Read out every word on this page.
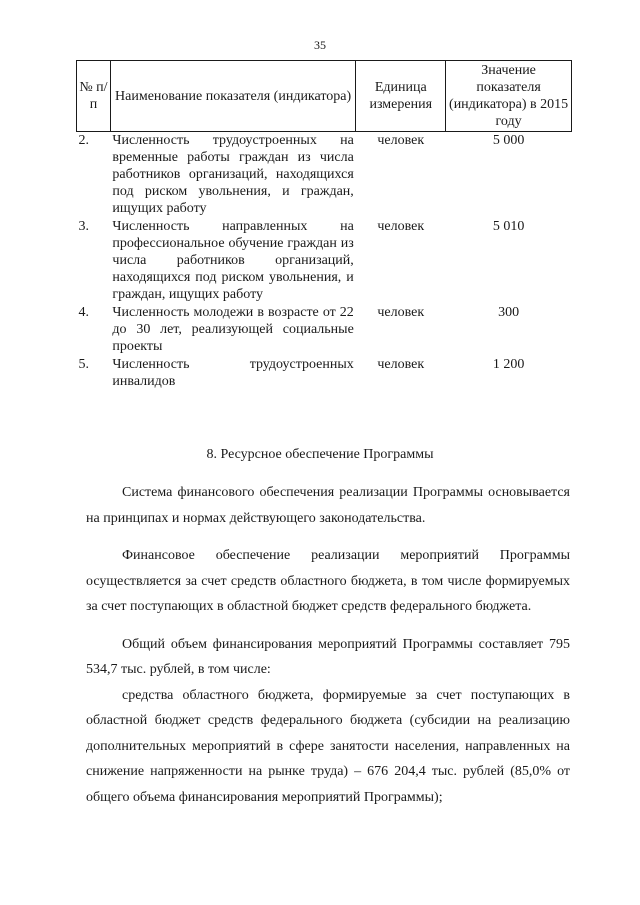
35
№ п/п	Наименование показателя (индикатора)	Единица измерения	Значение показателя (индикатора) в 2015 году
2.	Численность трудоустроенных на временные работы граждан из числа работников организаций, находящихся под риском увольнения, и граждан, ищущих работу	человек	5 000
3.	Численность направленных на профессиональное обучение граждан из числа работников организаций, находящихся под риском увольнения, и граждан, ищущих работу	человек	5 010
4.	Численность молодежи в возрасте от 22 до 30 лет, реализующей социальные проекты	человек	300
5.	Численность трудоустроенных инвалидов	человек	1 200
8. Ресурсное обеспечение Программы

Система финансового обеспечения реализации Программы основывается на принципах и нормах действующего законодательства.

Финансовое обеспечение реализации мероприятий Программы осуществляется за счет средств областного бюджета, в том числе формируемых за счет поступающих в областной бюджет средств федерального бюджета.

Общий объем финансирования мероприятий Программы составляет 795 534,7 тыс. рублей, в том числе:

средства областного бюджета, формируемые за счет поступающих в областной бюджет средств федерального бюджета (субсидии на реализацию дополнительных мероприятий в сфере занятости населения, направленных на снижение напряженности на рынке труда) – 676 204,4 тыс. рублей (85,0% от общего объема финансирования мероприятий Программы);
